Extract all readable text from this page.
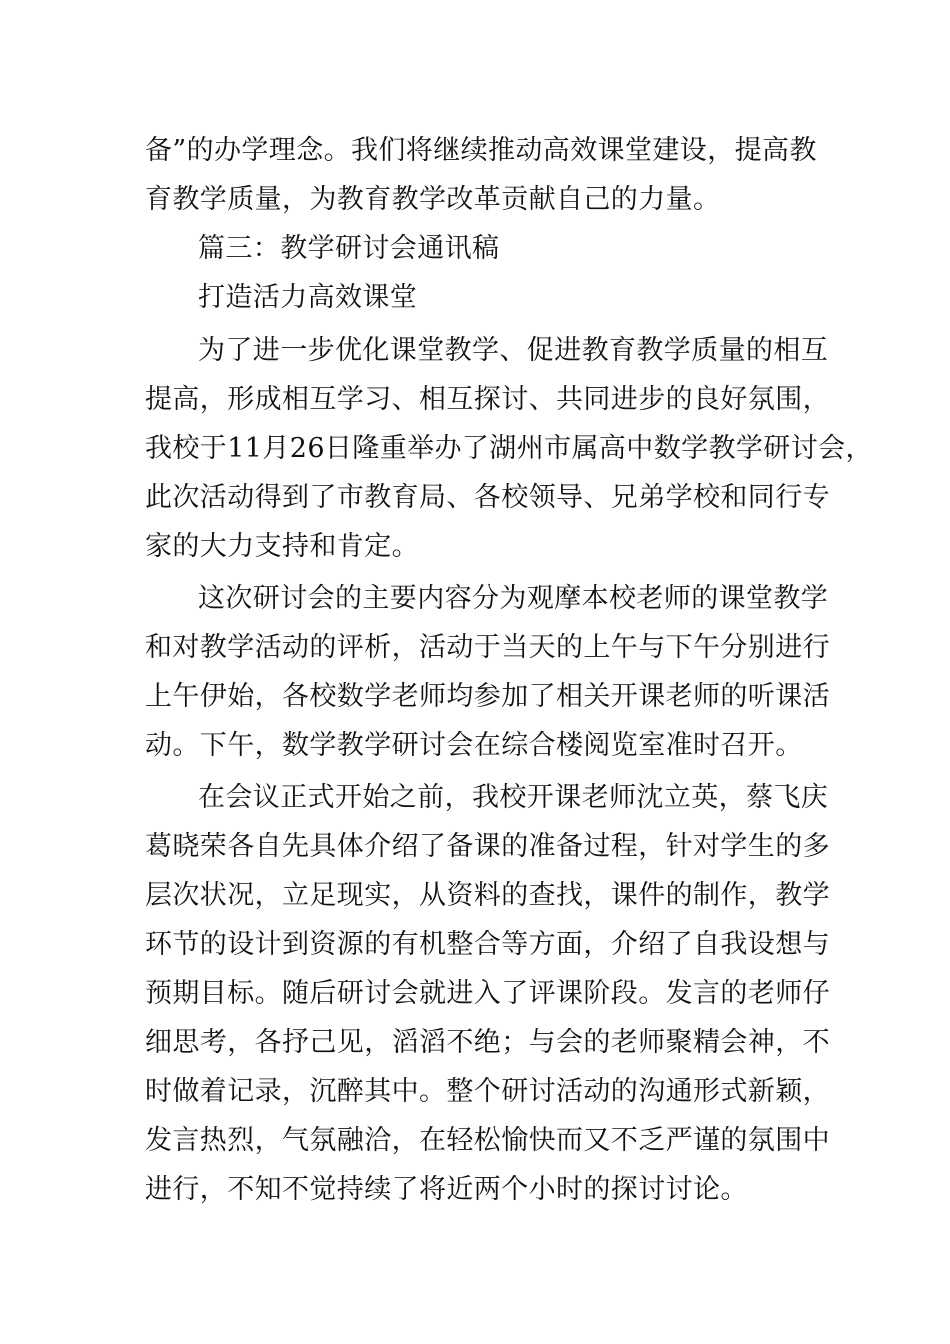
备”的办学理念。我们将继续推动高效课堂建设，提高教
育教学质量，为教育教学改革贡献自己的力量。
篇三：教学研讨会通讯稿
打造活力高效课堂
为了进一步优化课堂教学、促进教育教学质量的相互
提高，形成相互学习、相互探讨、共同进步的良好氛围，
我校于11月26日隆重举办了湖州市属高中数学教学研讨会，
此次活动得到了市教育局、各校领导、兄弟学校和同行专
家的大力支持和肯定。
这次研讨会的主要内容分为观摩本校老师的课堂教学
和对教学活动的评析，活动于当天的上午与下午分别进行
上午伊始，各校数学老师均参加了相关开课老师的听课活
动。下午，数学教学研讨会在综合楼阅览室准时召开。
在会议正式开始之前，我校开课老师沈立英，蔡飞庆
葛晓荣各自先具体介绍了备课的准备过程，针对学生的多
层次状况，立足现实，从资料的查找，课件的制作，教学
环节的设计到资源的有机整合等方面，介绍了自我设想与
预期目标。随后研讨会就进入了评课阶段。发言的老师仔
细思考，各抒己见，滔滔不绝；与会的老师聚精会神，不
时做着记录，沉醉其中。整个研讨活动的沟通形式新颖，
发言热烈，气氛融洽，在轻松愉快而又不乏严谨的氛围中
进行，不知不觉持续了将近两个小时的探讨讨论。
